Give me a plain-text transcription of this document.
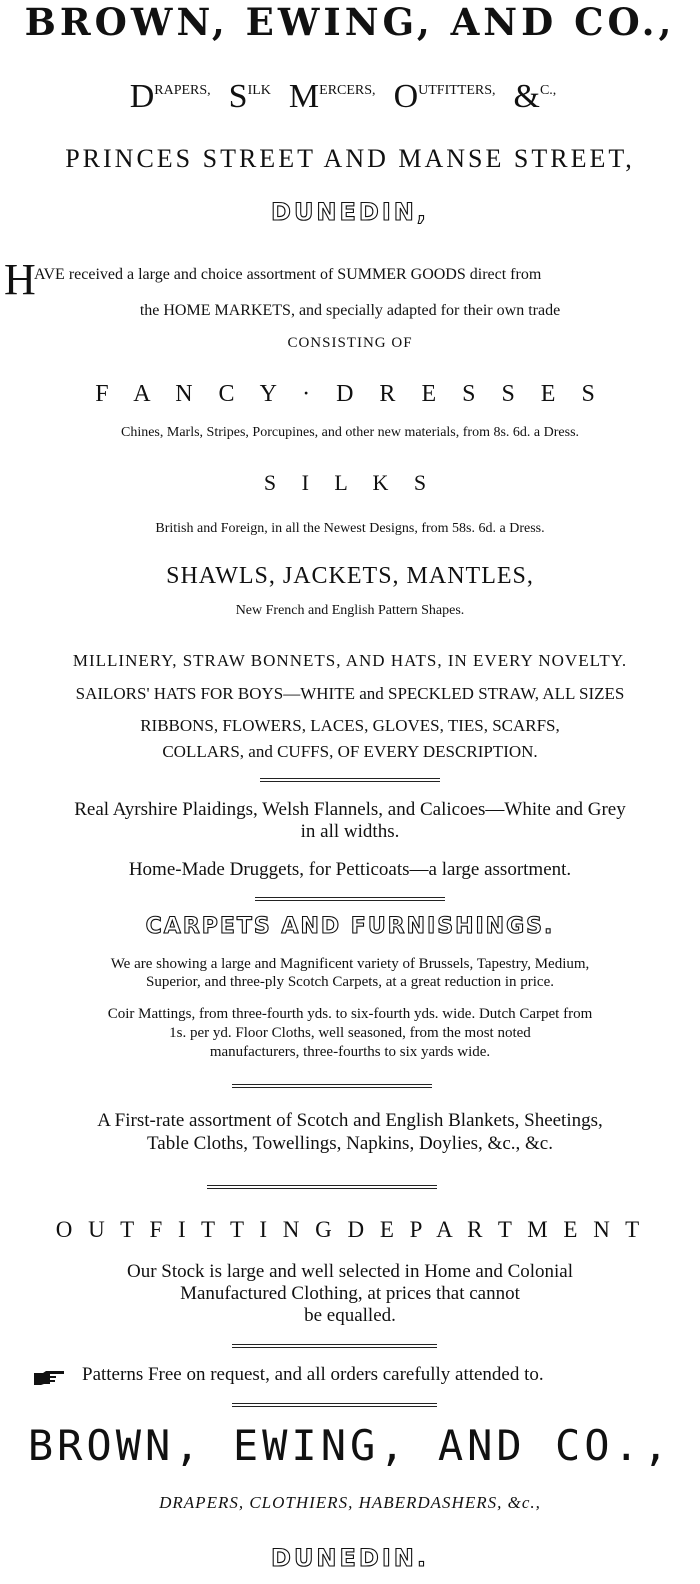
BROWN, EWING, AND CO.,
DRAPERS, SILK MERCERS, OUTFITTERS, &C.,
PRINCES STREET AND MANSE STREET,
DUNEDIN,
H
AVE received a large and choice assortment of SUMMER GOODS direct from
the HOME MARKETS, and specially adapted for their own trade
CONSISTING OF
F A N C Y · D R E S S E S
Chines, Marls, Stripes, Porcupines, and other new materials, from 8s. 6d. a Dress.
S I L K S
British and Foreign, in all the Newest Designs, from 58s. 6d. a Dress.
SHAWLS, JACKETS, MANTLES,
New French and English Pattern Shapes.
MILLINERY, STRAW BONNETS, AND HATS, IN EVERY NOVELTY.
SAILORS' HATS FOR BOYS—WHITE and SPECKLED STRAW, ALL SIZES
RIBBONS, FLOWERS, LACES, GLOVES, TIES, SCARFS,
COLLARS, and CUFFS, OF EVERY DESCRIPTION.
Real Ayrshire Plaidings, Welsh Flannels, and Calicoes—White and Grey
in all widths.
Home-Made Druggets, for Petticoats—a large assortment.
CARPETS AND FURNISHINGS.
We are showing a large and Magnificent variety of Brussels, Tapestry, Medium,
Superior, and three-ply Scotch Carpets, at a great reduction in price.
Coir Mattings, from three-fourth yds. to six-fourth yds. wide. Dutch Carpet from
1s. per yd. Floor Cloths, well seasoned, from the most noted
manufacturers, three-fourths to six yards wide.
A First-rate assortment of Scotch and English Blankets, Sheetings,
Table Cloths, Towellings, Napkins, Doylies, &c., &c.
O U T F I T T I N G D E P A R T M E N T
Our Stock is large and well selected in Home and Colonial
Manufactured Clothing, at prices that cannot
be equalled.
Patterns Free on request, and all orders carefully attended to.
BROWN, EWING, AND CO.,
DRAPERS, CLOTHIERS, HABERDASHERS, &c.,
DUNEDIN.
